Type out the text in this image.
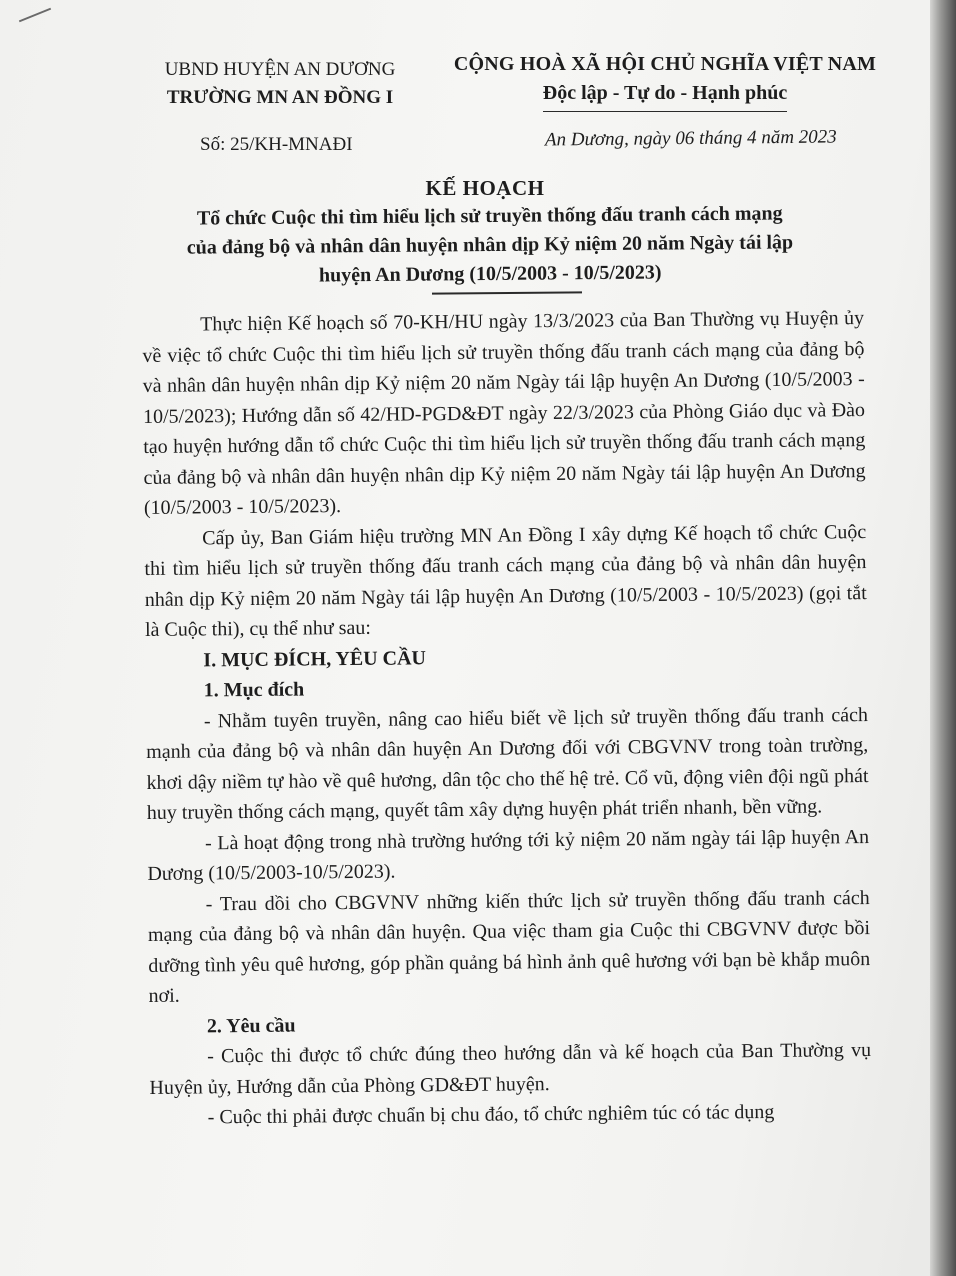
UBND HUYỆN AN DƯƠNG
TRƯỜNG MN AN ĐỒNG I
CỘNG HOÀ XÃ HỘI CHỦ NGHĨA VIỆT NAM
Độc lập - Tự do - Hạnh phúc
Số: 25/KH-MNAĐI	An Dương, ngày 06 tháng 4 năm 2023
KẾ HOẠCH
Tổ chức Cuộc thi tìm hiểu lịch sử truyền thống đấu tranh cách mạng
của đảng bộ và nhân dân huyện nhân dịp Kỷ niệm 20 năm Ngày tái lập
huyện An Dương (10/5/2003 - 10/5/2023)

Thực hiện Kế hoạch số 70-KH/HU ngày 13/3/2023 của Ban Thường vụ Huyện ủy về việc tổ chức Cuộc thi tìm hiểu lịch sử truyền thống đấu tranh cách mạng của đảng bộ và nhân dân huyện nhân dịp Kỷ niệm 20 năm Ngày tái lập huyện An Dương (10/5/2003 - 10/5/2023); Hướng dẫn số 42/HD-PGD&ĐT ngày 22/3/2023 của Phòng Giáo dục và Đào tạo huyện hướng dẫn tổ chức Cuộc thi tìm hiểu lịch sử truyền thống đấu tranh cách mạng của đảng bộ và nhân dân huyện nhân dịp Kỷ niệm 20 năm Ngày tái lập huyện An Dương (10/5/2003 - 10/5/2023).

Cấp ủy, Ban Giám hiệu trường MN An Đồng I xây dựng Kế hoạch tổ chức Cuộc thi tìm hiểu lịch sử truyền thống đấu tranh cách mạng của đảng bộ và nhân dân huyện nhân dịp Kỷ niệm 20 năm Ngày tái lập huyện An Dương (10/5/2003 - 10/5/2023) (gọi tắt là Cuộc thi), cụ thể như sau:

I. MỤC ĐÍCH, YÊU CẦU
1. Mục đích

- Nhằm tuyên truyền, nâng cao hiểu biết về lịch sử truyền thống đấu tranh cách mạnh của đảng bộ và nhân dân huyện An Dương đối với CBGVNV trong toàn trường, khơi dậy niềm tự hào về quê hương, dân tộc cho thế hệ trẻ. Cổ vũ, động viên đội ngũ phát huy truyền thống cách mạng, quyết tâm xây dựng huyện phát triển nhanh, bền vững.

- Là hoạt động trong nhà trường hướng tới kỷ niệm 20 năm ngày tái lập huyện An Dương (10/5/2003-10/5/2023).

- Trau dồi cho CBGVNV những kiến thức lịch sử truyền thống đấu tranh cách mạng của đảng bộ và nhân dân huyện. Qua việc tham gia Cuộc thi CBGVNV được bồi dưỡng tình yêu quê hương, góp phần quảng bá hình ảnh quê hương với bạn bè khắp muôn nơi.

2. Yêu cầu

- Cuộc thi được tổ chức đúng theo hướng dẫn và kế hoạch của Ban Thường vụ Huyện ủy, Hướng dẫn của Phòng GD&ĐT huyện.

- Cuộc thi phải được chuẩn bị chu đáo, tổ chức nghiêm túc có tác dụng
